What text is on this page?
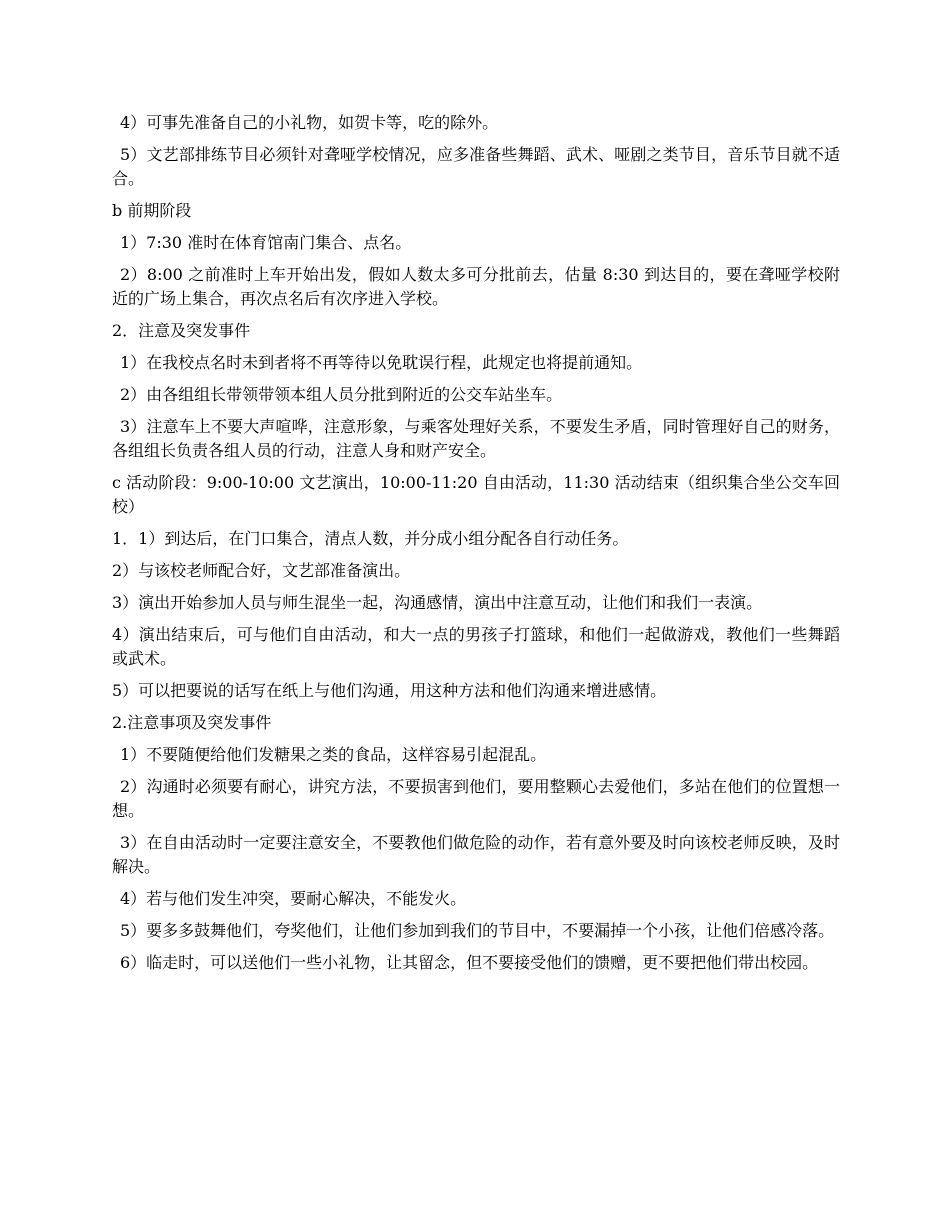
4）可事先准备自己的小礼物，如贺卡等，吃的除外。

5）文艺部排练节目必须针对聋哑学校情况，应多准备些舞蹈、武术、哑剧之类节目，音乐节目就不适合。

b 前期阶段

1）7:30 准时在体育馆南门集合、点名。

2）8:00 之前准时上车开始出发，假如人数太多可分批前去，估量 8:30 到达目的，要在聋哑学校附近的广场上集合，再次点名后有次序进入学校。

2．注意及突发事件

1）在我校点名时未到者将不再等待以免耽误行程，此规定也将提前通知。

2）由各组组长带领带领本组人员分批到附近的公交车站坐车。

3）注意车上不要大声喧哗，注意形象，与乘客处理好关系，不要发生矛盾，同时管理好自己的财务，各组组长负责各组人员的行动，注意人身和财产安全。

c 活动阶段：9:00-10:00 文艺演出，10:00-11:20 自由活动，11:30 活动结束（组织集合坐公交车回校）

1．1）到达后，在门口集合，清点人数，并分成小组分配各自行动任务。

2）与该校老师配合好，文艺部准备演出。

3）演出开始参加人员与师生混坐一起，沟通感情，演出中注意互动，让他们和我们一表演。

4）演出结束后，可与他们自由活动，和大一点的男孩子打篮球，和他们一起做游戏，教他们一些舞蹈或武术。

5）可以把要说的话写在纸上与他们沟通，用这种方法和他们沟通来增进感情。

2.注意事项及突发事件

1）不要随便给他们发糖果之类的食品，这样容易引起混乱。

2）沟通时必须要有耐心，讲究方法，不要损害到他们，要用整颗心去爱他们，多站在他们的位置想一想。

3）在自由活动时一定要注意安全，不要教他们做危险的动作，若有意外要及时向该校老师反映，及时解决。

4）若与他们发生冲突，要耐心解决，不能发火。

5）要多多鼓舞他们，夸奖他们，让他们参加到我们的节目中，不要漏掉一个小孩，让他们倍感冷落。

6）临走时，可以送他们一些小礼物，让其留念，但不要接受他们的馈赠，更不要把他们带出校园。
